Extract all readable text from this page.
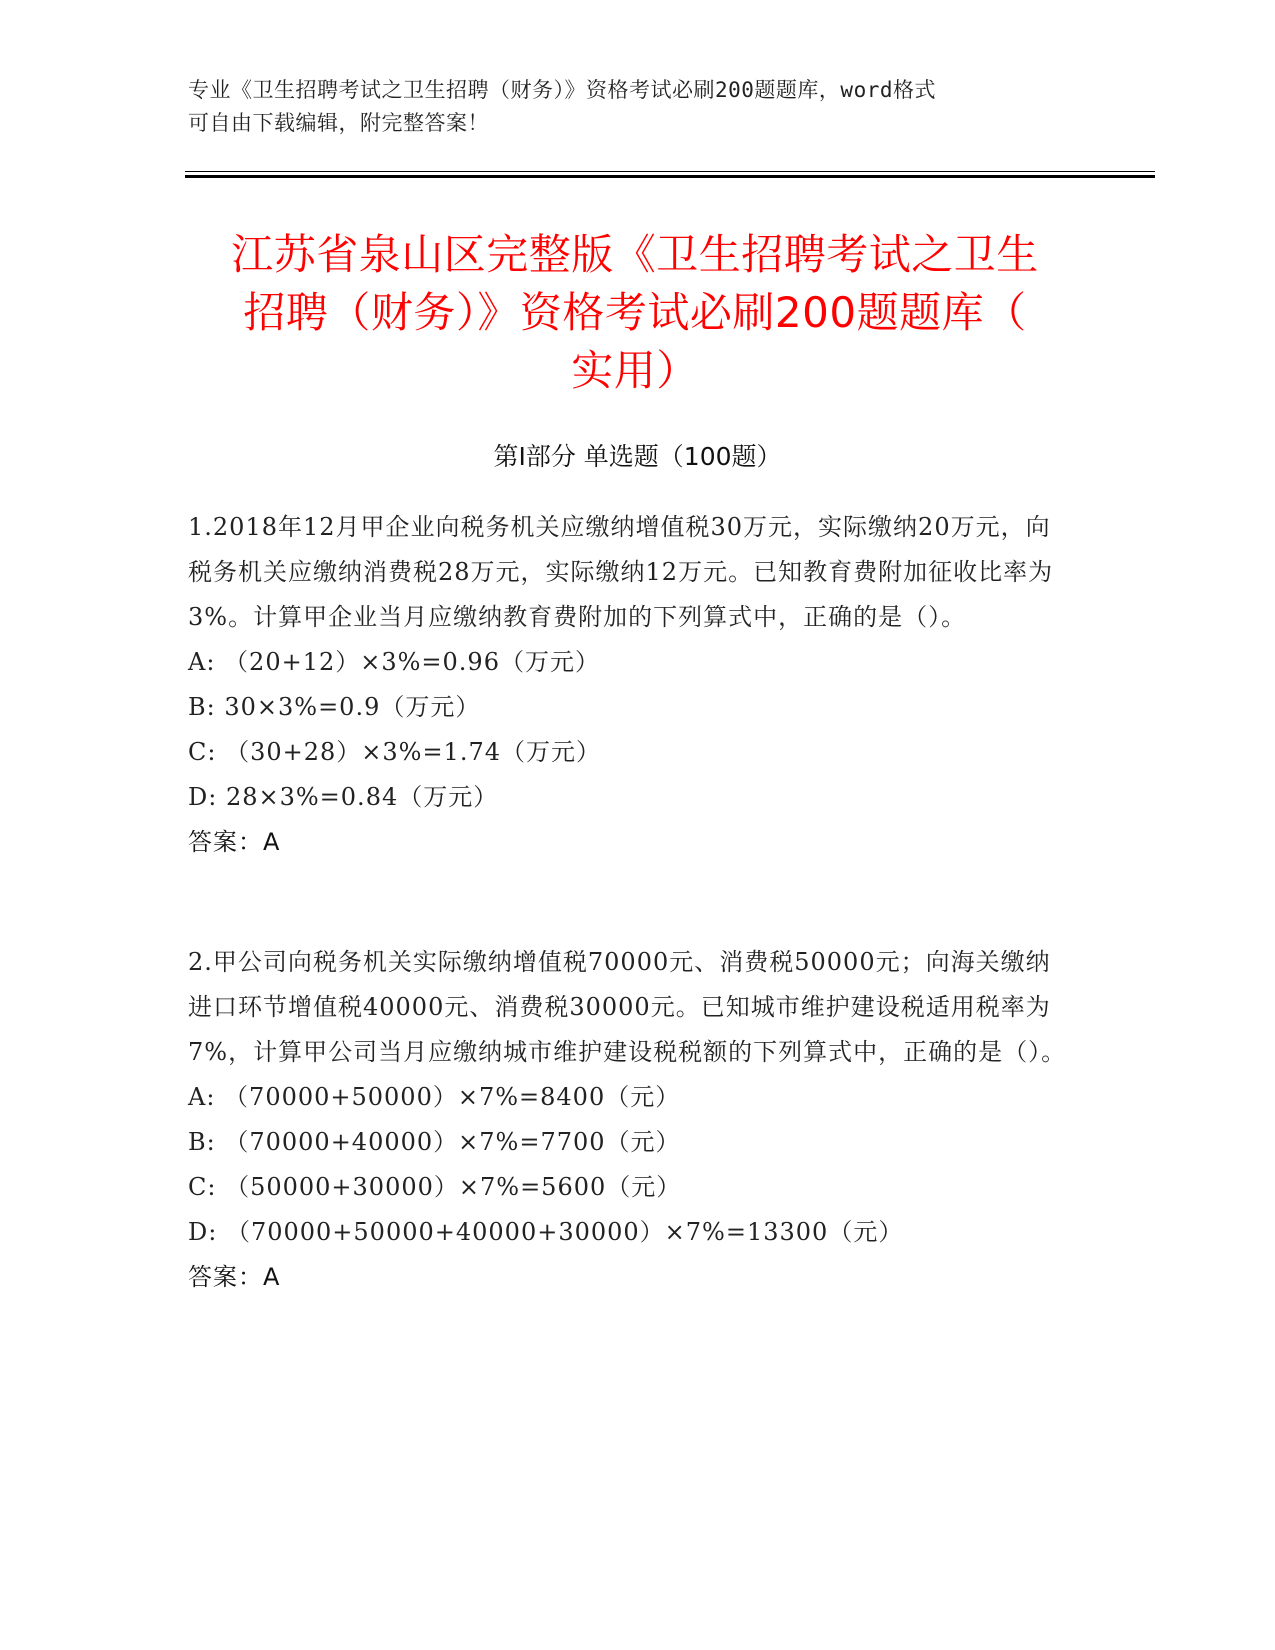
专业《卫生招聘考试之卫生招聘（财务）》资格考试必刷200题题库，word格式
可自由下载编辑，附完整答案！
江苏省泉山区完整版《卫生招聘考试之卫生
招聘（财务）》资格考试必刷200题题库（
实用）
第I部分 单选题（100题）

1.2018年12月甲企业向税务机关应缴纳增值税30万元，实际缴纳20万元，向税务机关应缴纳消费税28万元，实际缴纳12万元。已知教育费附加征收比率为3%。计算甲企业当月应缴纳教育费附加的下列算式中，正确的是（）。

A: （20+12）×3%=0.96（万元）

B: 30×3%=0.9（万元）

C: （30+28）×3%=1.74（万元）

D: 28×3%=0.84（万元）

答案：A

2.甲公司向税务机关实际缴纳增值税70000元、消费税50000元；向海关缴纳进口环节增值税40000元、消费税30000元。已知城市维护建设税适用税率为7%，计算甲公司当月应缴纳城市维护建设税税额的下列算式中，正确的是（）。

A: （70000+50000）×7%=8400（元）

B: （70000+40000）×7%=7700（元）

C: （50000+30000）×7%=5600（元）

D: （70000+50000+40000+30000）×7%=13300（元）

答案：A
